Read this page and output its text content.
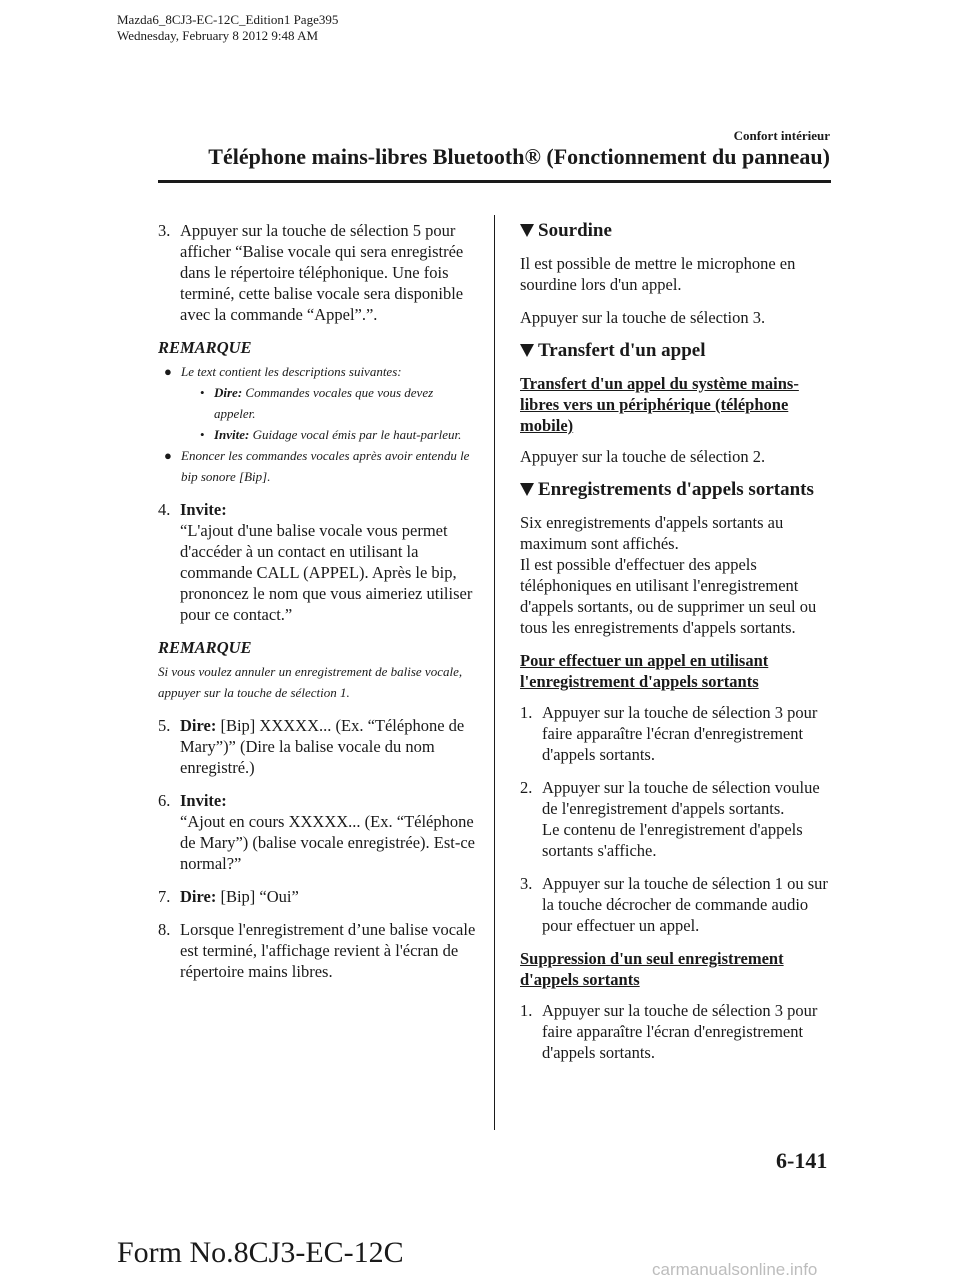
Mazda6_8CJ3-EC-12C_Edition1 Page395
Wednesday, February 8 2012 9:48 AM
Confort intérieur
Téléphone mains-libres Bluetooth® (Fonctionnement du panneau)
3. Appuyer sur la touche de sélection 5 pour afficher “Balise vocale qui sera enregistrée dans le répertoire téléphonique. Une fois terminé, cette balise vocale sera disponible avec la commande “Appel”.”.

REMARQUE

● Le text contient les descriptions suivantes:

• Dire: Commandes vocales que vous devez appeler.

• Invite: Guidage vocal émis par le haut-parleur.

● Enoncer les commandes vocales après avoir entendu le bip sonore [Bip].

4. Invite:
“L'ajout d'une balise vocale vous permet d'accéder à un contact en utilisant la commande CALL (APPEL). Après le bip, prononcez le nom que vous aimeriez utiliser pour ce contact.”

REMARQUE
Si vous voulez annuler un enregistrement de balise vocale, appuyer sur la touche de sélection 1.
5. Dire: [Bip] XXXXX... (Ex. “Téléphone de Mary”)” (Dire la balise vocale du nom enregistré.)

6. Invite:
“Ajout en cours XXXXX... (Ex. “Téléphone de Mary”) (balise vocale enregistrée). Est-ce normal?”

7. Dire: [Bip] “Oui”

8. Lorsque l'enregistrement d’une balise vocale est terminé, l'affichage revient à l'écran de répertoire mains libres.

Sourdine

Il est possible de mettre le microphone en sourdine lors d'un appel.

Appuyer sur la touche de sélection 3.

Transfert d'un appel

Transfert d'un appel du système mains-libres vers un périphérique (téléphone mobile)

Appuyer sur la touche de sélection 2.

Enregistrements d'appels sortants

Six enregistrements d'appels sortants au maximum sont affichés.

Il est possible d'effectuer des appels téléphoniques en utilisant l'enregistrement d'appels sortants, ou de supprimer un seul ou tous les enregistrements d'appels sortants.

Pour effectuer un appel en utilisant l'enregistrement d'appels sortants

1. Appuyer sur la touche de sélection 3 pour faire apparaître l'écran d'enregistrement d'appels sortants.

2. Appuyer sur la touche de sélection voulue de l'enregistrement d'appels sortants.

Le contenu de l'enregistrement d'appels sortants s'affiche.

3. Appuyer sur la touche de sélection 1 ou sur la touche décrocher de commande audio pour effectuer un appel.

Suppression d'un seul enregistrement d'appels sortants

1. Appuyer sur la touche de sélection 3 pour faire apparaître l'écran d'enregistrement d'appels sortants.

6-141
Form No.8CJ3-EC-12C
carmanualsonline.info
